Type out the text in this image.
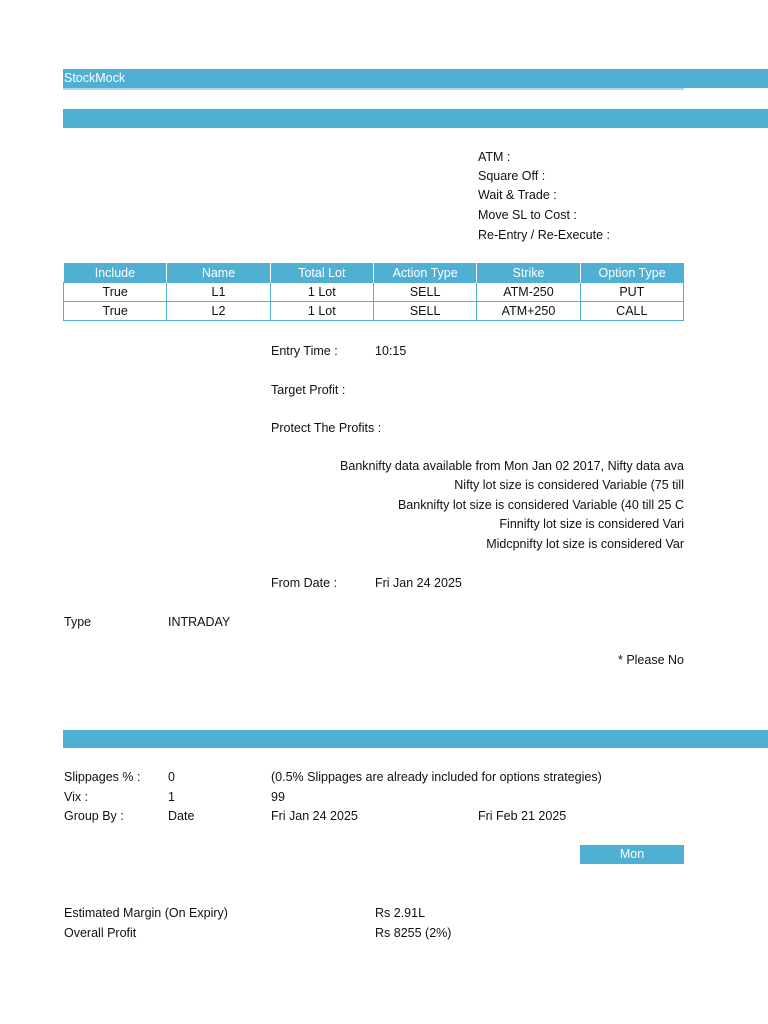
StockMock
ATM :
Square Off :
Wait & Trade :
Move SL to Cost :
Re-Entry / Re-Execute :
Include	Name	Total Lot	Action Type	Strike	Option Type
True	L1	1 Lot	SELL	ATM-250	PUT
True	L2	1 Lot	SELL	ATM+250	CALL
Entry Time :	10:15
Target Profit :
Protect The Profits :
Banknifty data available from Mon Jan 02 2017, Nifty data ava
Nifty lot size is considered Variable (75 till
Banknifty lot size is considered Variable (40 till 25 C
Finnifty lot size is considered Vari
Midcpnifty lot size is considered Var
From Date :	Fri Jan 24 2025
Type	INTRADAY
* Please No
Slippages % : 0	(0.5% Slippages are already included for options strategies)
Vix :	1	99
Group By :	Date	Fri Jan 24 2025	Fri Feb 21 2025
Mon
Estimated Margin (On Expiry)	Rs 2.91L
Overall Profit	Rs 8255 (2%)
